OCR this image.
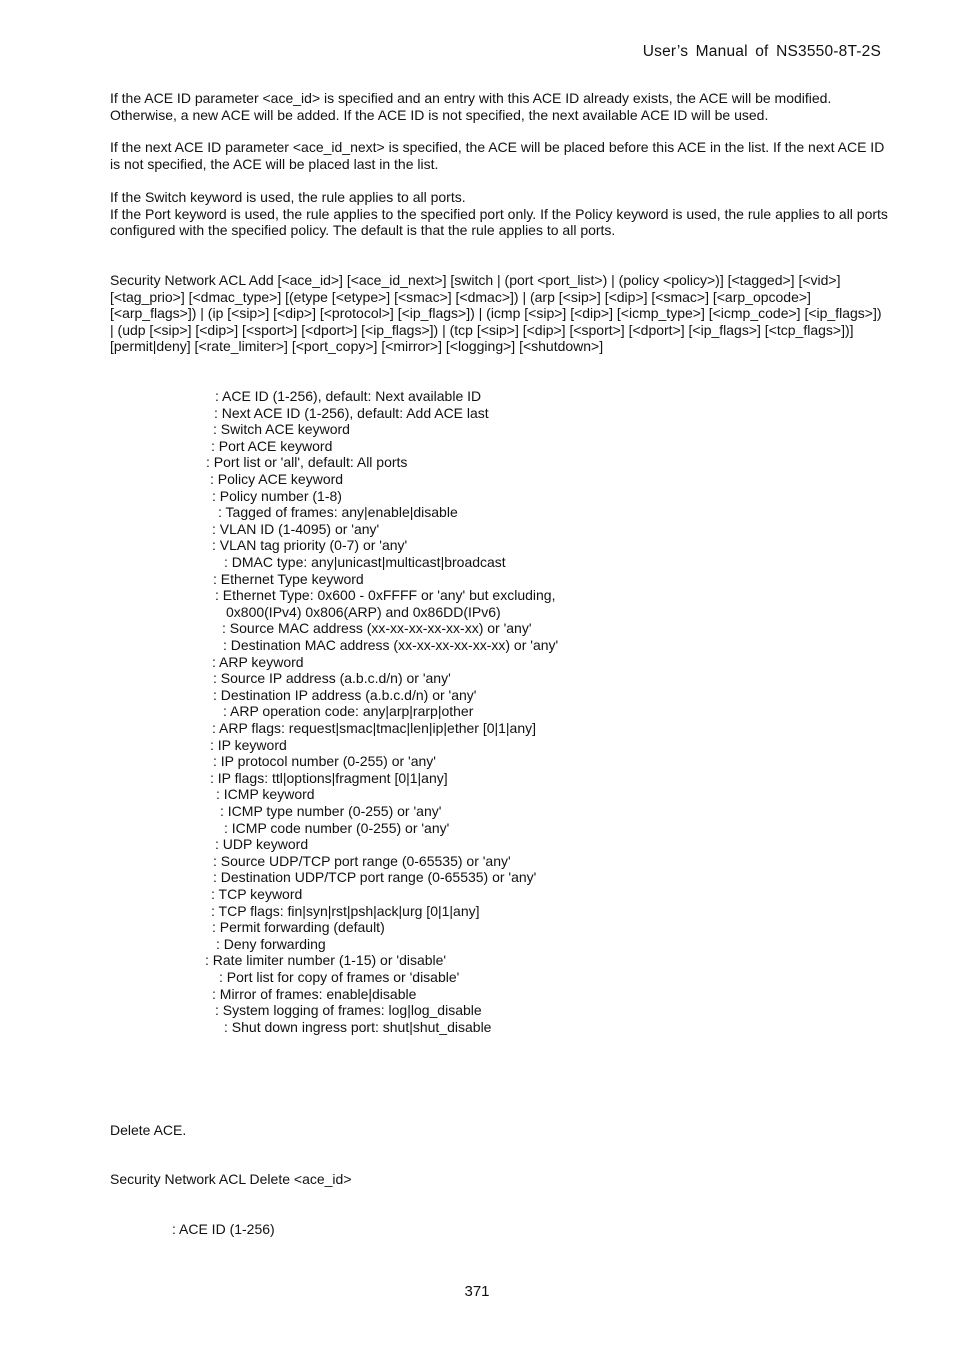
User’s Manual of NS3550-8T-2S

If the ACE ID parameter <ace_id> is specified and an entry with this ACE ID already exists, the ACE will be modified. Otherwise, a new ACE will be added. If the ACE ID is not specified, the next available ACE ID will be used.

If the next ACE ID parameter <ace_id_next> is specified, the ACE will be placed before this ACE in the list. If the next ACE ID is not specified, the ACE will be placed last in the list.

If the Switch keyword is used, the rule applies to all ports.

If the Port keyword is used, the rule applies to the specified port only. If the Policy keyword is used, the rule applies to all ports configured with the specified policy. The default is that the rule applies to all ports.

Security Network ACL Add [<ace_id>] [<ace_id_next>] [switch | (port <port_list>) | (policy <policy>)] [<tagged>] [<vid>] [<tag_prio>] [<dmac_type>] [(etype [<etype>] [<smac>] [<dmac>]) | (arp [<sip>] [<dip>] [<smac>] [<arp_opcode>] [<arp_flags>]) | (ip [<sip>] [<dip>] [<protocol>] [<ip_flags>]) | (icmp [<sip>] [<dip>] [<icmp_type>] [<icmp_code>] [<ip_flags>]) | (udp [<sip>] [<dip>] [<sport>] [<dport>] [<ip_flags>]) | (tcp [<sip>] [<dip>] [<sport>] [<dport>] [<ip_flags>] [<tcp_flags>])] [permit|deny] [<rate_limiter>] [<port_copy>] [<mirror>] [<logging>] [<shutdown>]

: ACE ID (1-256), default: Next available ID
: Next ACE ID (1-256), default: Add ACE last
: Switch ACE keyword
: Port ACE keyword
: Port list or 'all', default: All ports
: Policy ACE keyword
: Policy number (1-8)
: Tagged of frames: any|enable|disable
: VLAN ID (1-4095) or 'any'
: VLAN tag priority (0-7) or 'any'
: DMAC type: any|unicast|multicast|broadcast
: Ethernet Type keyword
: Ethernet Type: 0x600 - 0xFFFF or 'any' but excluding,
0x800(IPv4) 0x806(ARP) and 0x86DD(IPv6)
: Source MAC address (xx-xx-xx-xx-xx-xx) or 'any'
: Destination MAC address (xx-xx-xx-xx-xx-xx) or 'any'
: ARP keyword
: Source IP address (a.b.c.d/n) or 'any'
: Destination IP address (a.b.c.d/n) or 'any'
: ARP operation code: any|arp|rarp|other
: ARP flags: request|smac|tmac|len|ip|ether [0|1|any]
: IP keyword
: IP protocol number (0-255) or 'any'
: IP flags: ttl|options|fragment [0|1|any]
: ICMP keyword
: ICMP type number (0-255) or 'any'
: ICMP code number (0-255) or 'any'
: UDP keyword
: Source UDP/TCP port range (0-65535) or 'any'
: Destination UDP/TCP port range (0-65535) or 'any'
: TCP keyword
: TCP flags: fin|syn|rst|psh|ack|urg [0|1|any]
: Permit forwarding (default)
: Deny forwarding
: Rate limiter number (1-15) or 'disable'
: Port list for copy of frames or 'disable'
: Mirror of frames: enable|disable
: System logging of frames: log|log_disable
: Shut down ingress port: shut|shut_disable

Delete ACE.

Security Network ACL Delete <ace_id>

: ACE ID (1-256)
371
